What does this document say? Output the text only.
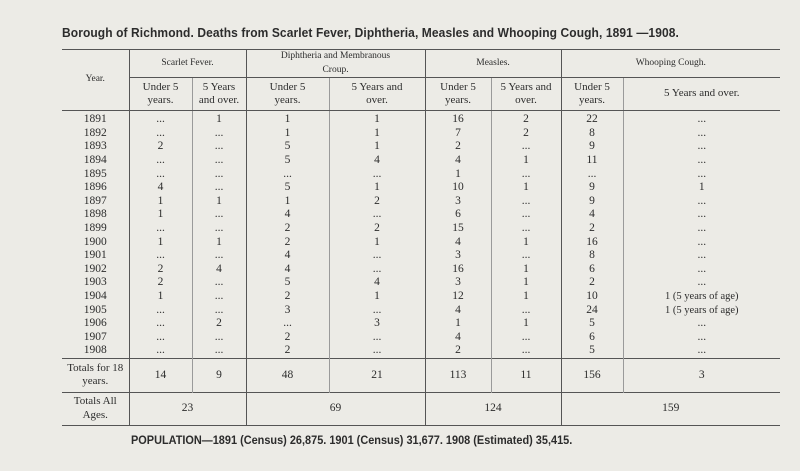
Borough of Richmond. Deaths from Scarlet Fever, Diphtheria, Measles and Whooping Cough, 1891 —1908.
Year.	Scarlet Fever.		Diphtheria and Membranous Croup.		Measles.		Whooping Cough.	
	Under 5 years.	5 Years and over.	Under 5 years.	5 Years and over.	Under 5 years.	5 Years and over.	Under 5 years.	5 Years and over.
1891	...	1	1	1	16	2	22	...
1892	...	...	1	1	7	2	8	...
1893	2	...	5	1	2	...	9	...
1894	...	...	5	4	4	1	11	...
1895	...	...	...	...	1	...	...	...
1896	4	...	5	1	10	1	9	1
1897	1	1	1	2	3	...	9	...
1898	1	...	4	...	6	...	4	...
1899	...	...	2	2	15	...	2	...
1900	1	1	2	1	4	1	16	...
1901	...	...	4	...	3	...	8	...
1902	2	4	4	...	16	1	6	...
1903	2	...	5	4	3	1	2	...
1904	1	...	2	1	12	1	10	1 (5 years of age)
1905	...	...	3	...	4	...	24	1 (5 years of age)
1906	...	2	...	3	1	1	5	...
1907	...	...	2	...	4	...	6	...
1908	...	...	2	...	2	...	5	...
Totals for 18 years.	14	9	48	21	113	11	156	3
Totals All Ages.	23		69		124		159	
POPULATION—1891 (Census) 26,875. 1901 (Census) 31,677. 1908 (Estimated) 35,415.
